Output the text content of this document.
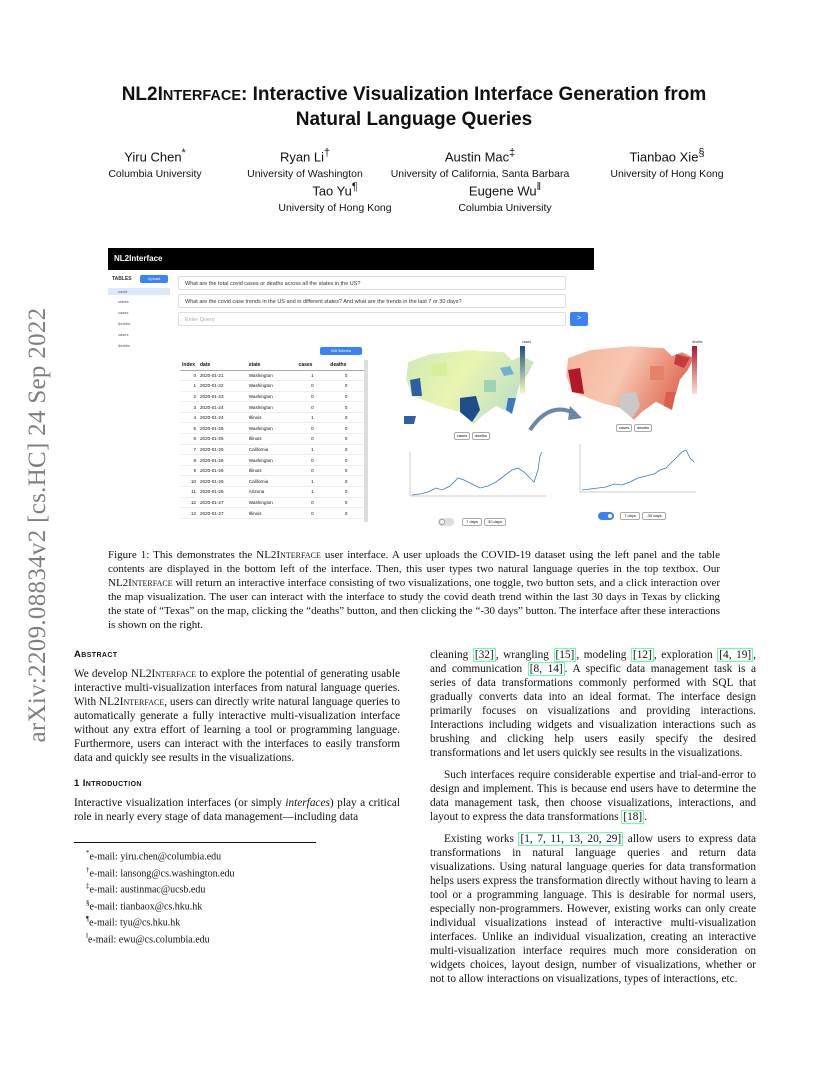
arXiv:2209.08834v2 [cs.HC] 24 Sep 2022
NL2INTERFACE: Interactive Visualization Interface Generation from
Natural Language Queries
Yiru Chen*
Columbia University
Ryan Li†
University of Washington
Austin Mac‡
University of California, Santa Barbara
Tianbao Xie§
University of Hong Kong
Tao Yu¶
University of Hong Kong
Eugene Wu‖
Columbia University
NL2Interface
TABLES	Upload
covid
states
cases
deaths
cases
deaths
What are the total covid cases or deaths across all the states in the US?
What are the covid case trends in the US and in different states? And what are the trends in the last 7 or 30 days?
Enter Query	>
Edit Schema
index	date	state	cases	deaths
0	2020-01-21	Washington	1	0
1	2020-01-22	Washington	0	0
2	2020-01-23	Washington	0	0
3	2020-01-24	Washington	0	0
4	2020-01-24	Illinois	1	0
5	2020-01-25	Washington	0	0
6	2020-01-25	Illinois	0	0
7	2020-01-25	California	1	0
8	2020-01-26	Washington	0	0
9	2020-01-26	Illinois	0	0
10	2020-01-26	California	1	0
11	2020-01-26	Arizona	1	0
12	2020-01-27	Washington	0	0
13	2020-01-27	Illinois	0	0
cases
cases	deaths
7 days	30 days
deaths
cases	deaths
7 days	-30 days
Figure 1: This demonstrates the NL2Interface user interface. A user uploads the COVID-19 dataset using the left panel and the table contents are displayed in the bottom left of the interface. Then, this user types two natural language queries in the top textbox. Our NL2Interface will return an interactive interface consisting of two visualizations, one toggle, two button sets, and a click interaction over the map visualization. The user can interact with the interface to study the covid death trend within the last 30 days in Texas by clicking the state of “Texas” on the map, clicking the “deaths” button, and then clicking the “-30 days” button. The interface after these interactions is shown on the right.
Abstract

We develop NL2Interface to explore the potential of generating usable interactive multi-visualization interfaces from natural language queries. With NL2Interface, users can directly write natural language queries to automatically generate a fully interactive multi-visualization interface without any extra effort of learning a tool or programming language. Furthermore, users can interact with the interfaces to easily transform data and quickly see results in the visualizations.

1 Introduction

Interactive visualization interfaces (or simply interfaces) play a critical role in nearly every stage of data management—including data

*e-mail: yiru.chen@columbia.edu
†e-mail: lansong@cs.washington.edu
‡e-mail: austinmac@ucsb.edu
§e-mail: tianbaox@cs.hku.hk
¶e-mail: tyu@cs.hku.hk
‖e-mail: ewu@cs.columbia.edu

cleaning [32] , wrangling [15] , modeling [12] , exploration [4, 19] , and communication [8, 14] . A specific data management task is a series of data transformations commonly performed with SQL that gradually converts data into an ideal format. The interface design primarily focuses on visualizations and providing interactions. Interactions including widgets and visualization interactions such as brushing and clicking help users easily specify the desired transformations and let users quickly see results in the visualizations.

Such interfaces require considerable expertise and trial-and-error to design and implement. This is because end users have to determine the data management task, then choose visualizations, interactions, and layout to express the data transformations [18] .

Existing works [1, 7, 11, 13, 20, 29] allow users to express data transformations in natural language queries and return data visualizations. Using natural language queries for data transformation helps users express the transformation directly without having to learn a tool or a programming language. This is desirable for normal users, especially non-programmers. However, existing works can only create individual visualizations instead of interactive multi-visualization interfaces. Unlike an individual visualization, creating an interactive multi-visualization interface requires much more consideration on widgets choices, layout design, number of visualizations, whether or not to allow interactions on visualizations, types of interactions, etc.
